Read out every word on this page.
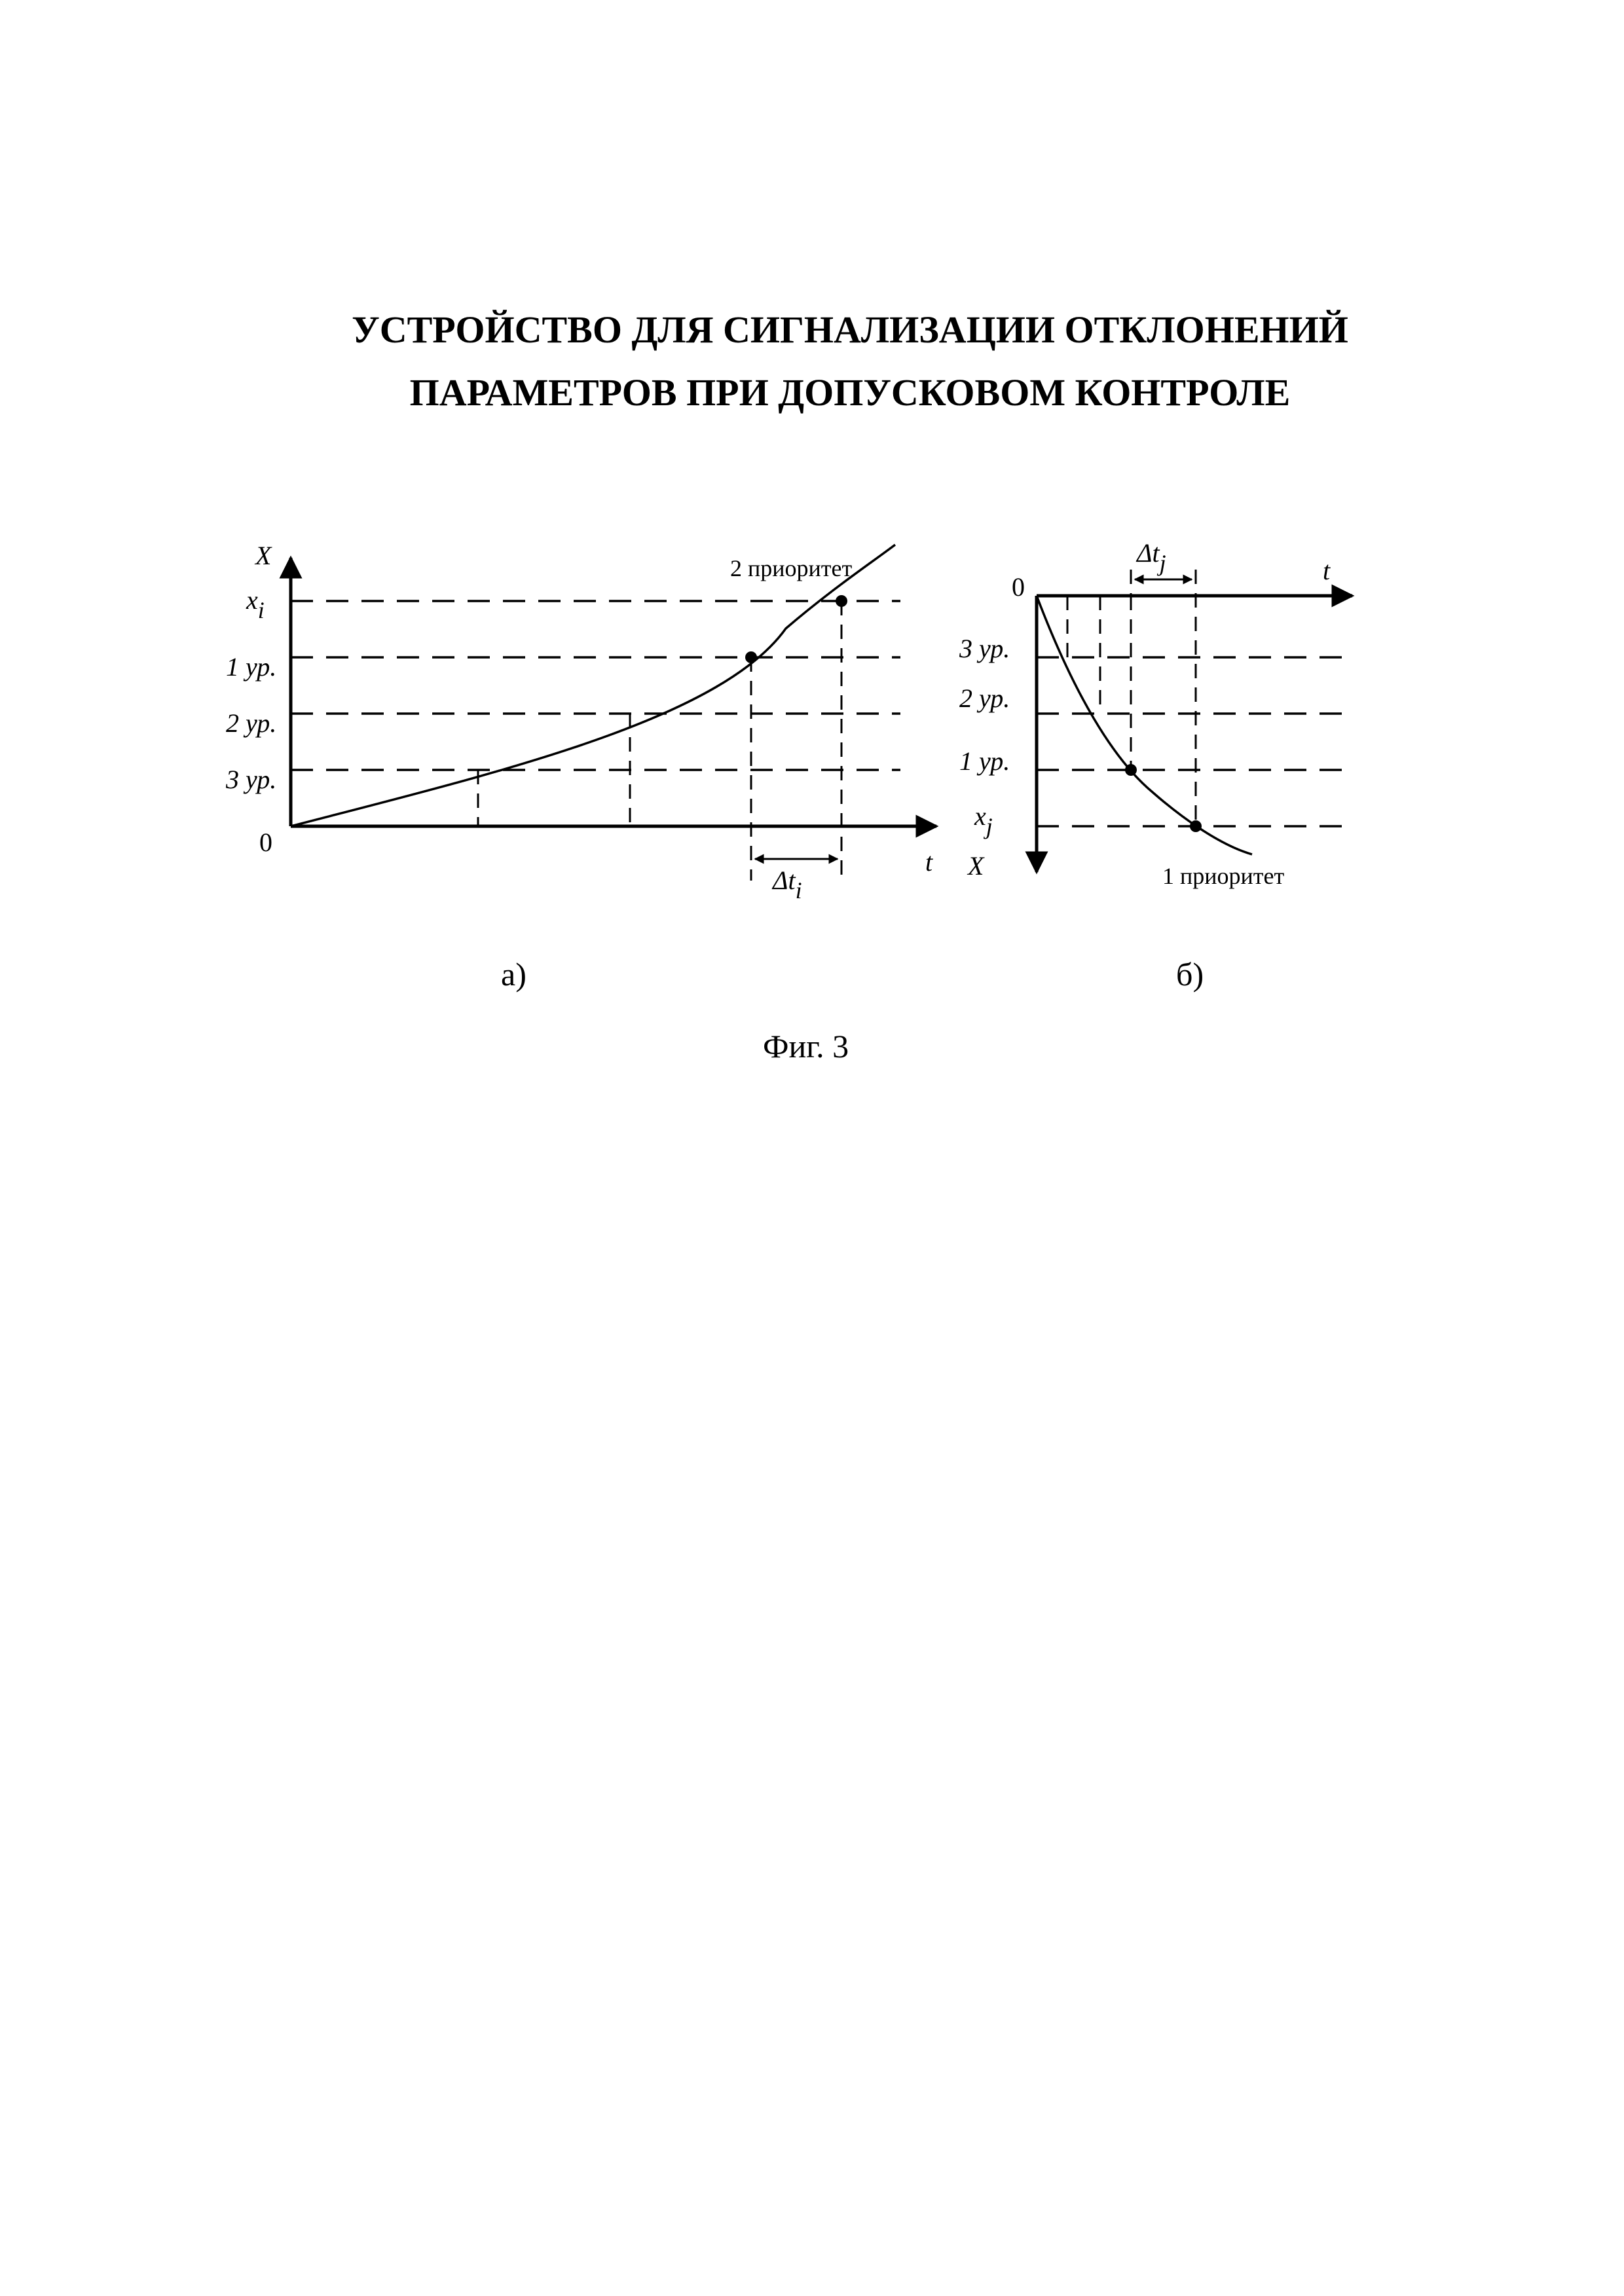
УСТРОЙСТВО ДЛЯ СИГНАЛИЗАЦИИ ОТКЛОНЕНИЙ
ПАРАМЕТРОВ ПРИ ДОПУСКОВОМ КОНТРОЛЕ
X
t
0
xi
1 ур.
2 ур.
3 ур.
2 приоритет
Δti
а)
Δtj	t
0
3 ур.
2 ур.
1 ур.
xj
X	1 приоритет
б)
Фиг. 3
